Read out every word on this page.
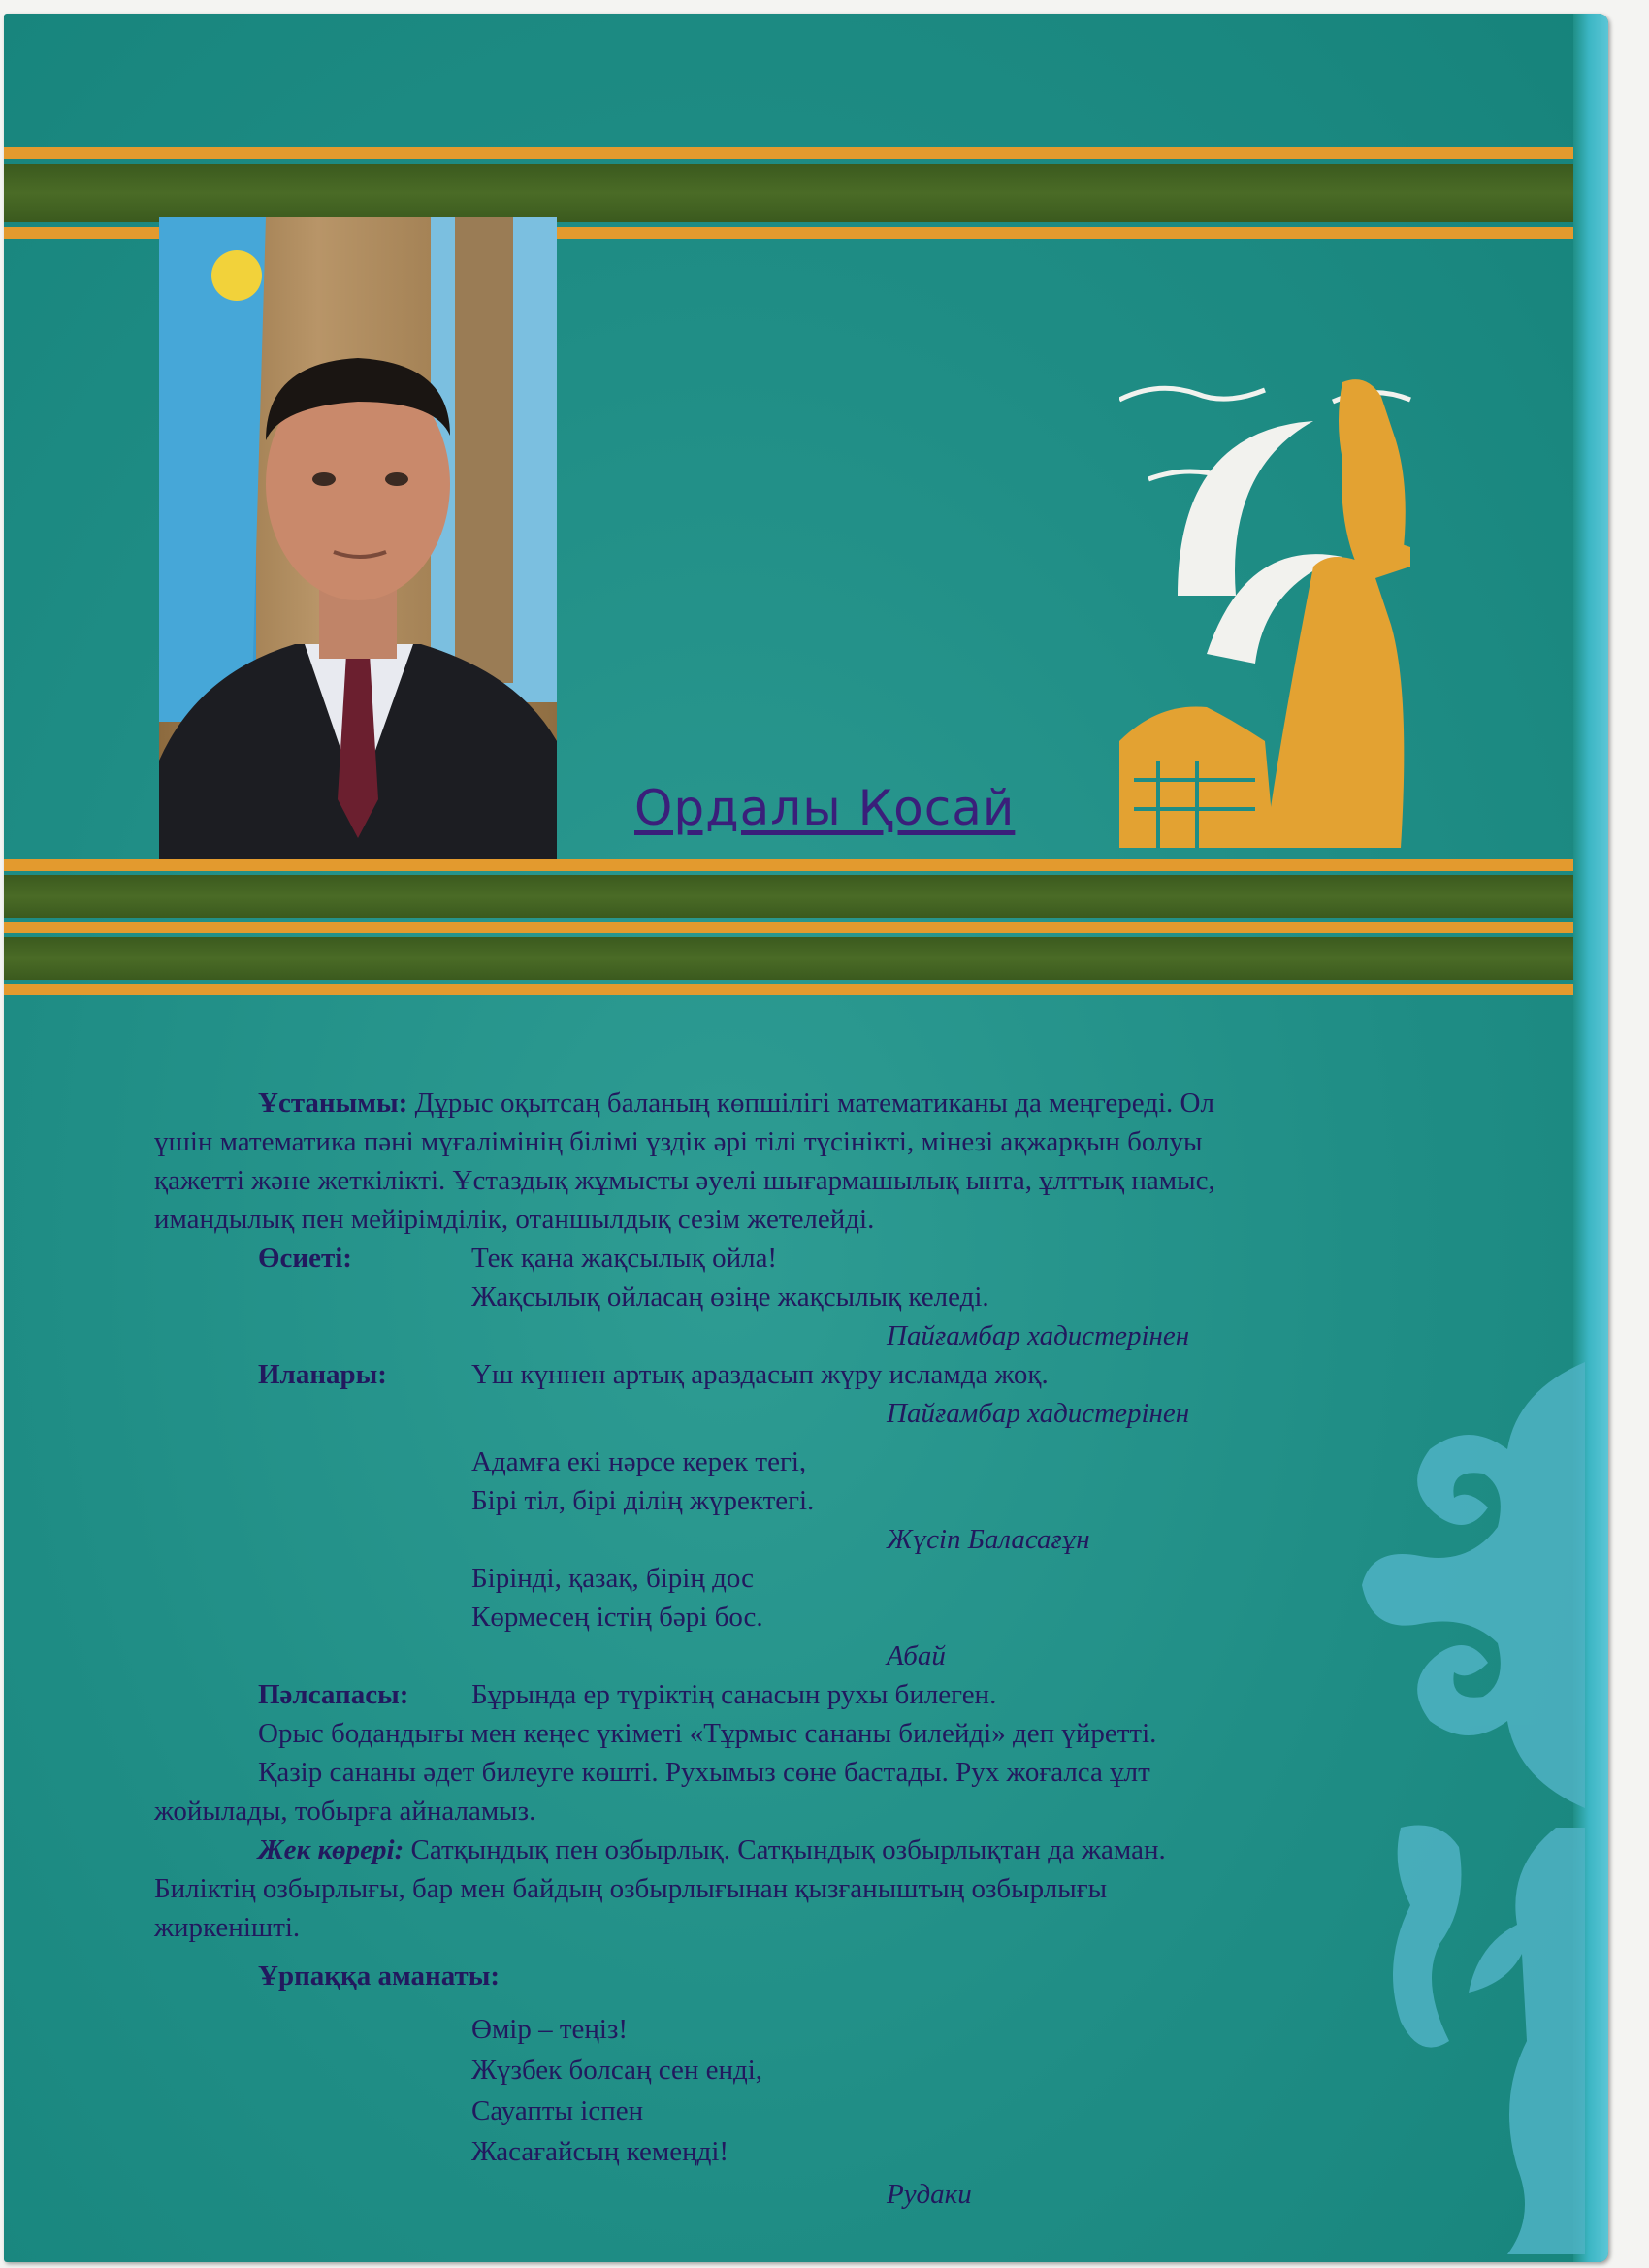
Ордалы Қосай
Ұстанымы: Дұрыс оқытсаң баланың көпшілігі математиканы да меңгереді. Ол
үшін математика пәні мұғалімінің білімі үздік әрі тілі түсінікті, мінезі ақжарқын болуы
қажетті және жеткілікті. Ұстаздық жұмысты әуелі шығармашылық ынта, ұлттық намыс,
имандылық пен мейірімділік, отаншылдық сезім жетелейді.
Өсиеті:	Тек қана жақсылық ойла!
Жақсылық ойласаң өзіңе жақсылық келеді.
Пайғамбар хадистерінен
Иланары:	Үш күннен артық араздасып жүру исламда жоқ.
Пайғамбар хадистерінен
Адамға екі нәрсе керек тегі,
Бірі тіл, бірі ділің жүректегі.
Жүсіп Баласағұн
Бірінді, қазақ, бірің дос
Көрмесең істің бәрі бос.
Абай
Пәлсапасы: Бұрында ер түріктің санасын рухы билеген.
Орыс бодандығы мен кеңес үкіметі «Тұрмыс сананы билейді» деп үйретті.
Қазір сананы әдет билеуге көшті. Рухымыз сөне бастады. Рух жоғалса ұлт
жойылады, тобырға айналамыз.
Жек көрері: Сатқындық пен озбырлық. Сатқындық озбырлықтан да жаман.
Биліктің озбырлығы, бар мен байдың озбырлығынан қызғаныштың озбырлығы
жиркенішті.
Ұрпаққа аманаты:
Өмір – теңіз!
Жүзбек болсаң сен енді,
Сауапты іспен
Жасағайсың кемеңді!
Рудаки
